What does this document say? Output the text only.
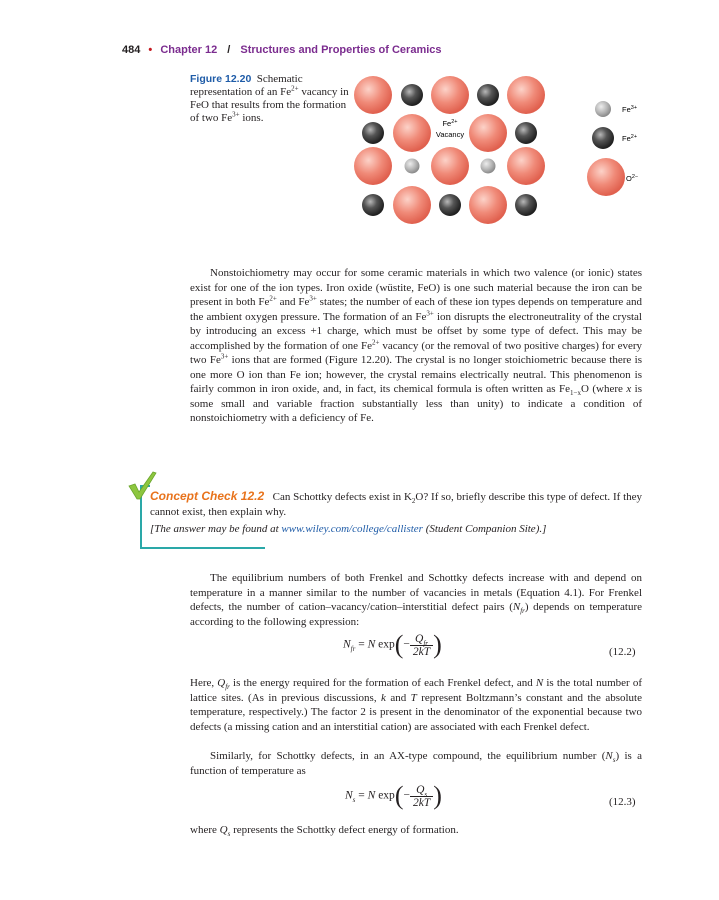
484 • Chapter 12 / Structures and Properties of Ceramics
Figure 12.20 Schematic representation of an $Fe^{2+}$ vacancy in FeO that results from the formation of two $Fe^{3+}$ ions.	$Fe^{2+}$
Vacancy
$Fe^{3+}$
$Fe^{2+}$
$O^{2-}$
Nonstoichiometry may occur for some ceramic materials in which two valence (or ionic) states exist for one of the ion types. Iron oxide (wüstite, FeO) is one such material because the iron can be present in both $Fe^{2+}$ and $Fe^{3+}$ states; the number of each of these ion types depends on temperature and the ambient oxygen pressure. The formation of an $Fe^{3+}$ ion disrupts the electroneutrality of the crystal by introducing an excess +1 charge, which must be offset by some type of defect. This may be accomplished by the formation of one $Fe^{2+}$ vacancy (or the removal of two positive charges) for every two $Fe^{3+}$ ions that are formed (Figure 12.20). The crystal is no longer stoichiometric because there is one more O ion than Fe ion; however, the crystal remains electrically neutral. This phenomenon is fairly common in iron oxide, and, in fact, its chemical formula is often written as $Fe_{1-x}O$ (where x is some small and variable fraction substantially less than unity) to indicate a condition of nonstoichiometry with a deficiency of Fe.
Concept Check 12.2 Can Schottky defects exist in $K_2O$? If so, briefly describe this type of defect. If they cannot exist, then explain why.
[The answer may be found at www.wiley.com/college/callister (Student Companion Site).]
The equilibrium numbers of both Frenkel and Schottky defects increase with and depend on temperature in a manner similar to the number of vacancies in metals (Equation 4.1). For Frenkel defects, the number of cation–vacancy/cation–interstitial defect pairs $(N_{fr})$ depends on temperature according to the following expression:
$N_{fr} = N$ $\exp(- \frac{Q_{fr}}{2kT}$ )	(12.2)
Here, $Q_{fr}$ is the energy required for the formation of each Frenkel defect, and N is the total number of lattice sites. (As in previous discussions, k and T represent Boltzmann’s constant and the absolute temperature, respectively.) The factor 2 is present in the denominator of the exponential because two defects (a missing cation and an interstitial cation) are associated with each Frenkel defect.
Similarly, for Schottky defects, in an AX-type compound, the equilibrium number $(N_s)$ is a function of temperature as
$N_s = N$ $\exp(- \frac{Q_s}{2kT}$ )	(12.3)
where $Q_s$ represents the Schottky defect energy of formation.
